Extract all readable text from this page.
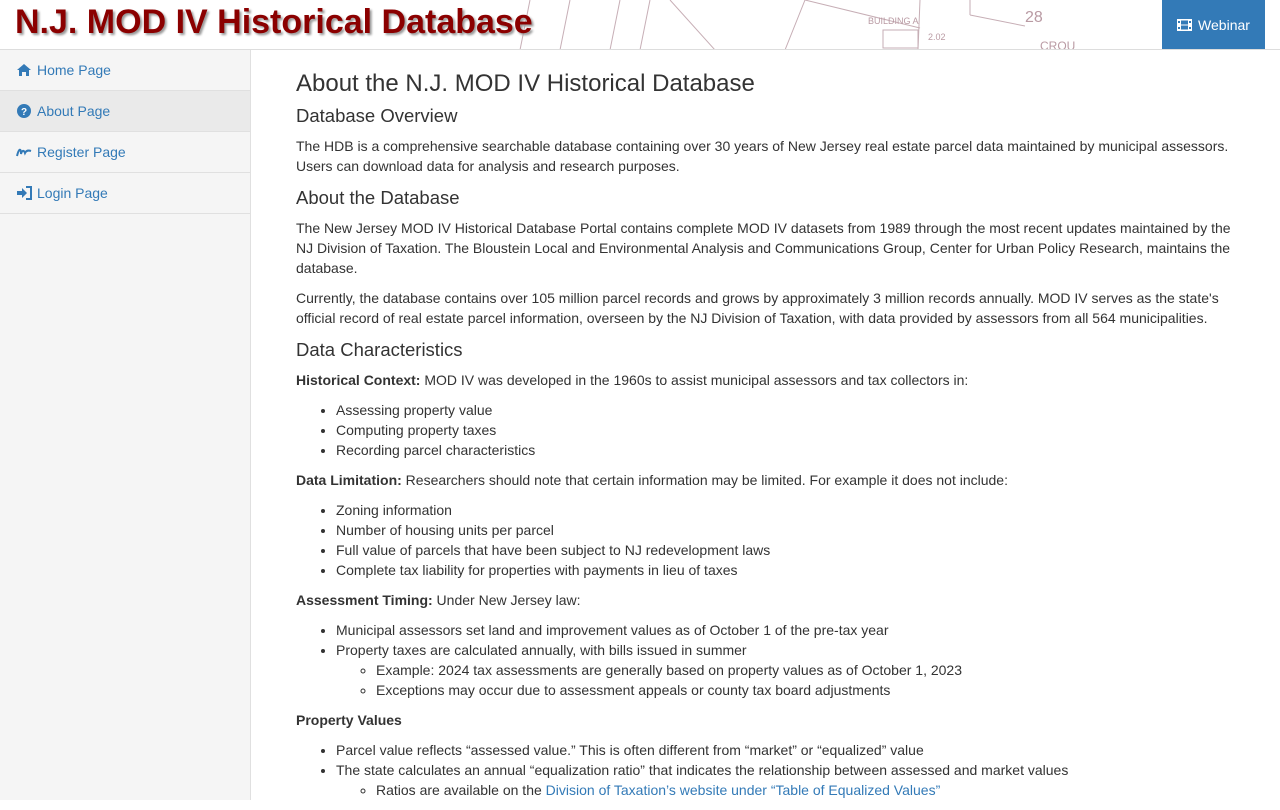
BUILDING A
2.02
28
CROU
N.J. MOD IV Historical Database	Webinar
Home Page
? About Page
Register Page
Login Page
About the N.J. MOD IV Historical Database
Database Overview

The HDB is a comprehensive searchable database containing over 30 years of New Jersey real estate parcel data maintained by municipal assessors. Users can download data for analysis and research purposes.

About the Database

The New Jersey MOD IV Historical Database Portal contains complete MOD IV datasets from 1989 through the most recent updates maintained by the NJ Division of Taxation. The Bloustein Local and Environmental Analysis and Communications Group, Center for Urban Policy Research, maintains the database.

Currently, the database contains over 105 million parcel records and grows by approximately 3 million records annually. MOD IV serves as the state's official record of real estate parcel information, overseen by the NJ Division of Taxation, with data provided by assessors from all 564 municipalities.

Data Characteristics

Historical Context: MOD IV was developed in the 1960s to assist municipal assessors and tax collectors in:

• Assessing property value
• Computing property taxes
• Recording parcel characteristics

Data Limitation: Researchers should note that certain information may be limited. For example it does not include:

• Zoning information
• Number of housing units per parcel
• Full value of parcels that have been subject to NJ redevelopment laws
• Complete tax liability for properties with payments in lieu of taxes

Assessment Timing: Under New Jersey law:

• Municipal assessors set land and improvement values as of October 1 of the pre-tax year
• Property taxes are calculated annually, with bills issued in summer
◦ Example: 2024 tax assessments are generally based on property values as of October 1, 2023
◦ Exceptions may occur due to assessment appeals or county tax board adjustments

Property Values

• Parcel value reflects “assessed value.” This is often different from “market” or “equalized” value
• The state calculates an annual “equalization ratio” that indicates the relationship between assessed and market values
◦ Ratios are available on the Division of Taxation’s website under “Table of Equalized Values”
